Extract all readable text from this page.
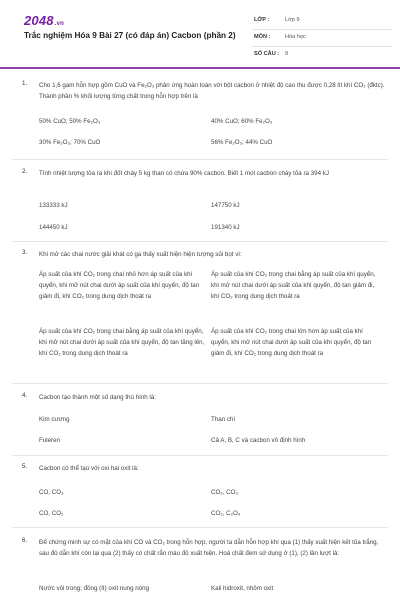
2048.vn
Trắc nghiệm Hóa 9 Bài 27 (có đáp án) Cacbon (phần 2)
LỚP :	Lớp 9
MÔN :	Hóa học
SỐ CÂU : 9
1. Cho 1,6 gam hỗn hợp gồm CuO và Fe₂O₃ phản ứng hoàn toàn với bột cacbon ở nhiệt độ cao thu được 0,28 lít khí CO₂ (đktc). Thành phần % khối lượng từng chất trong hỗn hợp trên là
50% CuO; 50% Fe₂O₃	40% CuO; 60% Fe₂O₃
30% Fe₂O₃; 70% CuO	56% Fe₂O₃; 44% CuO
2. Tính nhiệt lượng tỏa ra khi đốt cháy 5 kg than có chứa 90% cacbon. Biết 1 mol cacbon cháy tỏa ra 394 kJ
133333 kJ	147750 kJ
144450 kJ	191340 kJ
3. Khi mở các chai nước giải khát có ga thấy xuất hiện hiện tượng sủi bọt vì:
Áp suất của khí CO₂ trong chai nhỏ hơn áp suất của khí quyển, khi mở nút chai dưới áp suất của khí quyển, độ tan giảm đi, khí CO₂ trong dung dịch thoát ra
Áp suất của khí CO₂ trong chai bằng áp suất của khí quyển, khi mở nút chai dưới áp suất của khí quyển, độ tan giảm đi, khí CO₂ trong dung dịch thoát ra
Áp suất của khí CO₂ trong chai bằng áp suất của khí quyển, khi mở nút chai dưới áp suất của khí quyển, độ tan tăng lên, khí CO₂ trong dung dịch thoát ra
Áp suất của khí CO₂ trong chai lớn hơn áp suất của khí quyển, khi mở nút chai dưới áp suất của khí quyển, độ tan giảm đi, khí CO₂ trong dung dịch thoát ra
4. Cacbon tạo thành một số dạng thù hình là:
Kim cương	Than chì
Fuleren	Cả A, B, C và cacbon vô định hình
5. Cacbon có thể tạo với oxi hai oxit là:
CO, CO₃	CO₂, CO₃
CO, CO₂	CO₂, C₂O₄
6. Để chứng minh sự có mặt của khí CO và CO₂ trong hỗn hợp, người ta dẫn hỗn hợp khí qua (1) thấy xuất hiện kết tủa trắng, sau đó dẫn khí còn lại qua (2) thấy có chất rắn màu đỏ xuất hiện. Hoá chất đem sử dụng ở (1), (2) lần lượt là:
Nước vôi trong; đồng (II) oxit nung nóng	Kali hidroxit, nhôm oxit
